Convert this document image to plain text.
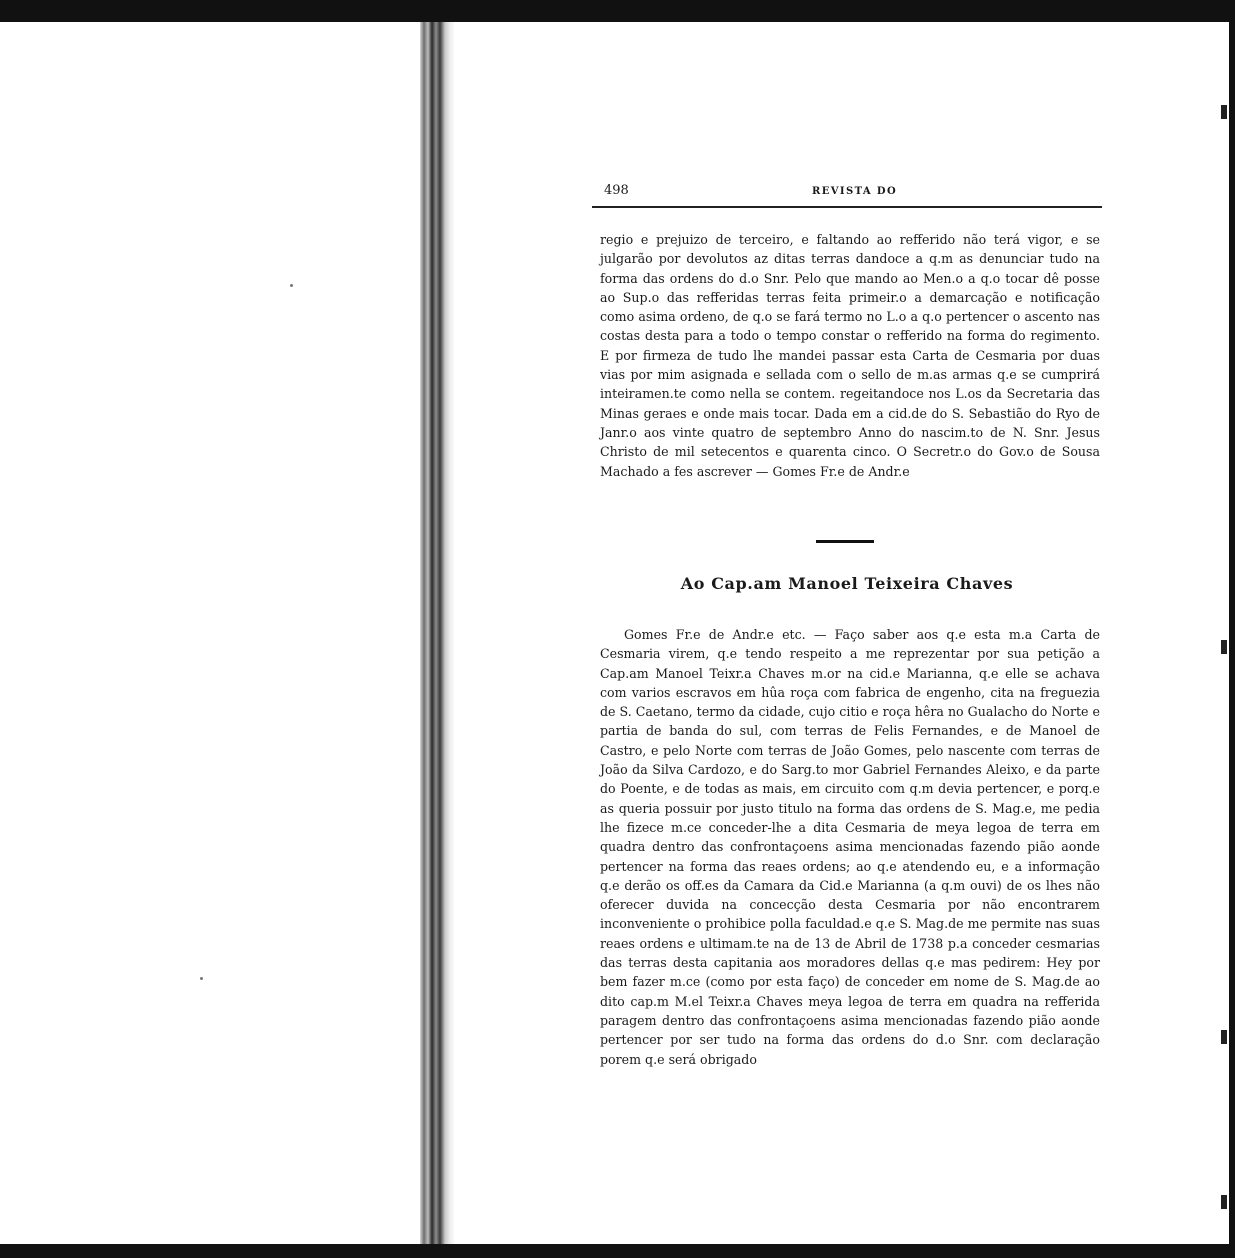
498	REVISTA DO

regio e prejuizo de terceiro, e faltando ao refferido não terá vigor, e se julgarão por devolutos az ditas terras dandoce a q.m as denunciar tudo na forma das ordens do d.o Snr. Pelo que mando ao Men.o a q.o tocar dê posse ao Sup.o das refferidas terras feita primeir.o a demarcação e notificação como asima ordeno, de q.o se fará termo no L.o a q.o pertencer o ascento nas costas desta para a todo o tempo constar o refferido na forma do regimento. E por firmeza de tudo lhe mandei passar esta Carta de Cesmaria por duas vias por mim asignada e sellada com o sello de m.as armas q.e se cumprirá inteiramen.te como nella se contem. regeitandoce nos L.os da Secretaria das Minas geraes e onde mais tocar. Dada em a cid.de do S. Sebastião do Ryo de Janr.o aos vinte quatro de septembro Anno do nascim.to de N. Snr. Jesus Christo de mil setecentos e quarenta cinco. O Secretr.o do Gov.o de Sousa Machado a fes ascrever — Gomes Fr.e de Andr.e

Ao Cap.am Manoel Teixeira Chaves

Gomes Fr.e de Andr.e etc. — Faço saber aos q.e esta m.a Carta de Cesmaria virem, q.e tendo respeito a me reprezentar por sua petição a Cap.am Manoel Teixr.a Chaves m.or na cid.e Marianna, q.e elle se achava com varios escravos em hûa roça com fabrica de engenho, cita na freguezia de S. Caetano, termo da cidade, cujo citio e roça hêra no Gualacho do Norte e partia de banda do sul, com terras de Felis Fernandes, e de Manoel de Castro, e pelo Norte com terras de João Gomes, pelo nascente com terras de João da Silva Cardozo, e do Sarg.to mor Gabriel Fernandes Aleixo, e da parte do Poente, e de todas as mais, em circuito com q.m devia pertencer, e porq.e as queria possuir por justo titulo na forma das ordens de S. Mag.e, me pedia lhe fizece m.ce conceder-lhe a dita Cesmaria de meya legoa de terra em quadra dentro das confrontaçoens asima mencionadas fazendo pião aonde pertencer na forma das reaes ordens; ao q.e atendendo eu, e a informação q.e derão os off.es da Camara da Cid.e Marianna (a q.m ouvi) de os lhes não oferecer duvida na concecção desta Cesmaria por não encontrarem inconveniente o prohibice polla faculdad.e q.e S. Mag.de me permite nas suas reaes ordens e ultimam.te na de 13 de Abril de 1738 p.a conceder cesmarias das terras desta capitania aos moradores dellas q.e mas pedirem: Hey por bem fazer m.ce (como por esta faço) de conceder em nome de S. Mag.de ao dito cap.m M.el Teixr.a Chaves meya legoa de terra em quadra na refferida paragem dentro das confrontaçoens asima mencionadas fazendo pião aonde pertencer por ser tudo na forma das ordens do d.o Snr. com declaração porem q.e será obrigado
